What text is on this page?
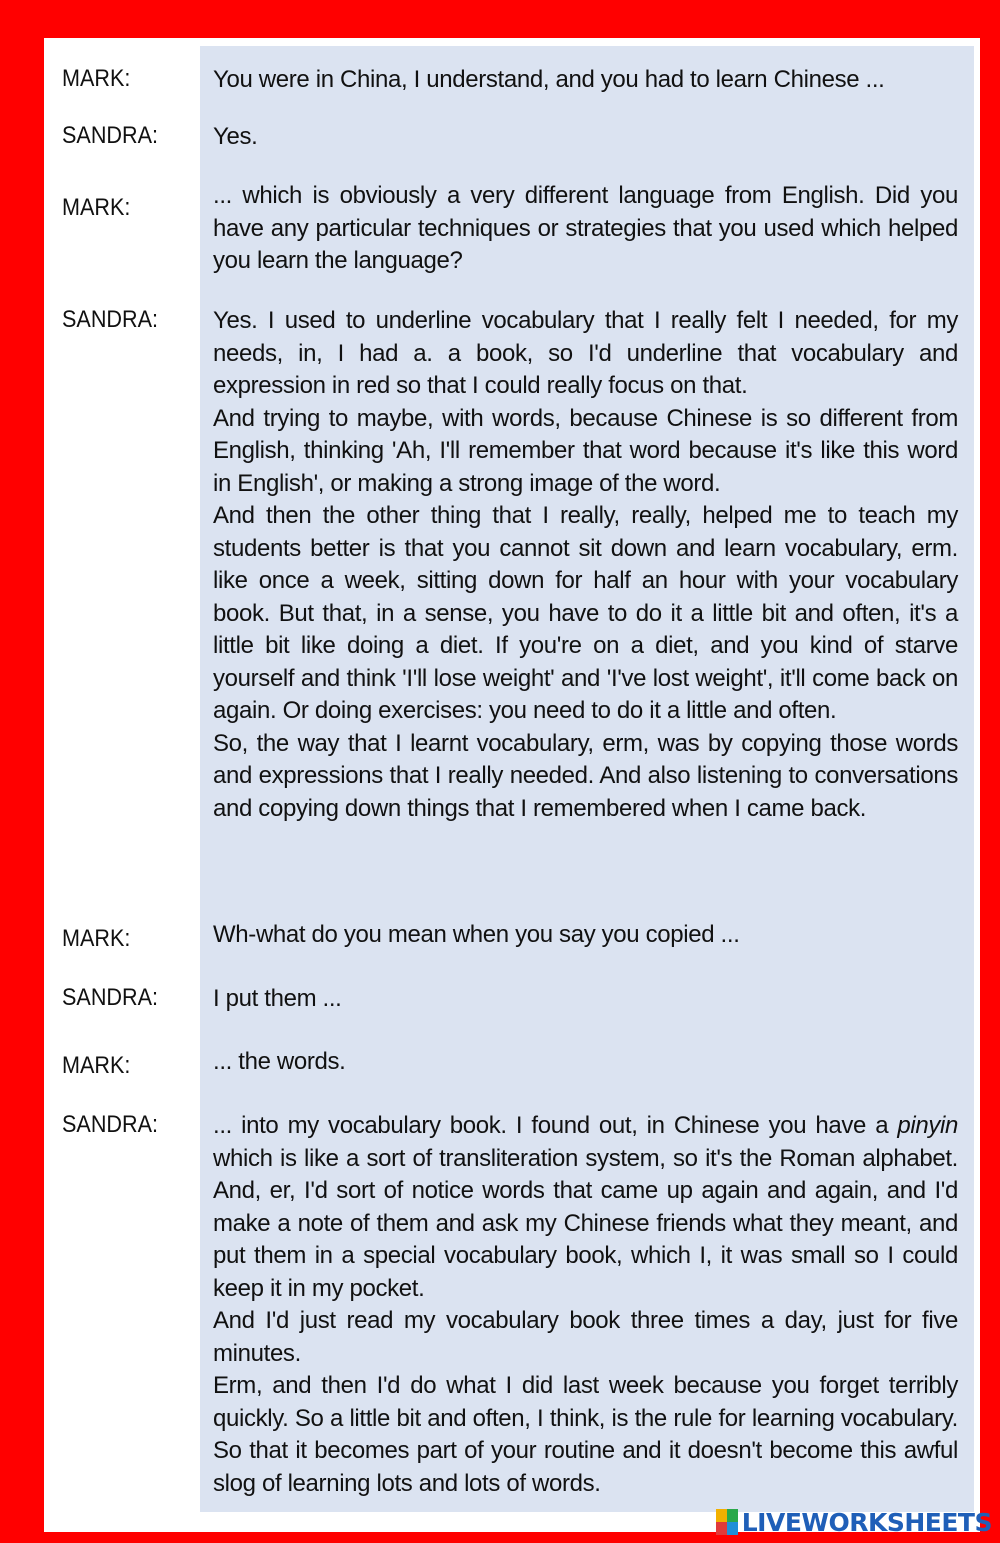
MARK:	You were in China, I understand, and you had to learn Chinese ...
SANDRA:	Yes.
MARK:	... which is obviously a very different language from English. Did you have any particular techniques or strategies that you used which helped you learn the language?
SANDRA:	Yes. I used to underline vocabulary that I really felt I needed, for my needs, in, I had a. a book, so I'd underline that vocabulary and expression in red so that I could really focus on that.
And trying to maybe, with words, because Chinese is so different from English, thinking 'Ah, I'll remember that word because it's like this word in English', or making a strong image of the word.
And then the other thing that I really, really, helped me to teach my students better is that you cannot sit down and learn vocabulary, erm. like once a week, sitting down for half an hour with your vocabulary book. But that, in a sense, you have to do it a little bit and often, it's a little bit like doing a diet. If you're on a diet, and you kind of starve yourself and think 'I'll lose weight' and 'I've lost weight', it'll come back on again. Or doing exercises: you need to do it a little and often.
So, the way that I learnt vocabulary, erm, was by copying those words and expressions that I really needed. And also listening to conversations and copying down things that I remembered when I came back.
MARK:	Wh-what do you mean when you say you copied ...
SANDRA:	I put them ...
MARK:	... the words.
SANDRA:	... into my vocabulary book. I found out, in Chinese you have a pinyin which is like a sort of transliteration system, so it's the Roman alphabet. And, er, I'd sort of notice words that came up again and again, and I'd make a note of them and ask my Chinese friends what they meant, and put them in a special vocabulary book, which I, it was small so I could keep it in my pocket.
And I'd just read my vocabulary book three times a day, just for five minutes.
Erm, and then I'd do what I did last week because you forget terribly quickly. So a little bit and often, I think, is the rule for learning vocabulary. So that it becomes part of your routine and it doesn't become this awful slog of learning lots and lots of words.
LIVEWORKSHEETS
